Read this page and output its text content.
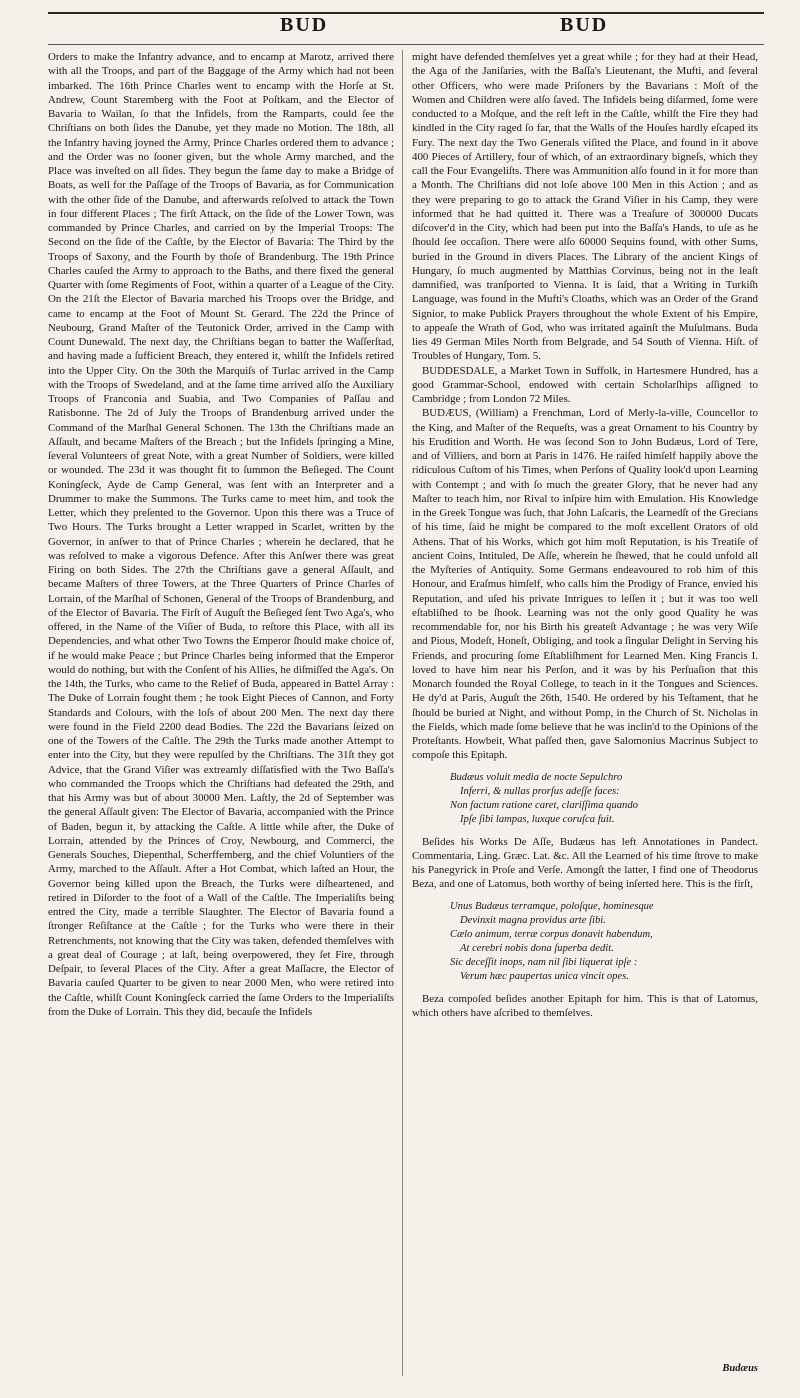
BUD	BUD

Orders to make the Infantry advance, and to encamp at Marotz, arrived there with all the Troops, and part of the Baggage of the Army which had not been imbarked. The 16th Prince Charles went to encamp with the Horſe at St. Andrew, Count Staremberg with the Foot at Poſtkam, and the Elector of Bavaria to Wailan, ſo that the Infidels, from the Ramparts, could ſee the Chriſtians on both ſides the Danube, yet they made no Motion. The 18th, all the Infantry having joyned the Army, Prince Charles ordered them to advance ; and the Order was no ſooner given, but the whole Army marched, and the Place was inveſted on all ſides. They begun the ſame day to make a Bridge of Boats, as well for the Paſſage of the Troops of Bavaria, as for Communication with the other ſide of the Danube, and afterwards reſolved to attack the Town in four different Places ; The firſt Attack, on the ſide of the Lower Town, was commanded by Prince Charles, and carried on by the Imperial Troops: The Second on the ſide of the Caſtle, by the Elector of Bavaria: The Third by the Troops of Saxony, and the Fourth by thoſe of Brandenburg. The 19th Prince Charles cauſed the Army to approach to the Baths, and there fixed the general Quarter with ſome Regiments of Foot, within a quarter of a League of the City. On the 21ſt the Elector of Bavaria marched his Troops over the Bridge, and came to encamp at the Foot of Mount St. Gerard. The 22d the Prince of Neubourg, Grand Maſter of the Teutonick Order, arrived in the Camp with Count Dunewald. The next day, the Chriſtians began to batter the Waſſerſtad, and having made a ſufficient Breach, they entered it, whilſt the Infidels retired into the Upper City. On the 30th the Marquiſs of Turlac arrived in the Camp with the Troops of Swedeland, and at the ſame time arrived alſo the Auxiliary Troops of Franconia and Suabia, and Two Companies of Paſſau and Ratisbonne. The 2d of July the Troops of Brandenburg arrived under the Command of the Marſhal General Schonen. The 13th the Chriſtians made an Aſſault, and became Maſters of the Breach ; but the Infidels ſpringing a Mine, ſeveral Volunteers of great Note, with a great Number of Soldiers, were killed or wounded. The 23d it was thought fit to ſummon the Beſieged. The Count Koningſeck, Ayde de Camp General, was ſent with an Interpreter and a Drummer to make the Summons. The Turks came to meet him, and took the Letter, which they preſented to the Governor. Upon this there was a Truce of Two Hours. The Turks brought a Letter wrapped in Scarlet, written by the Governor, in anſwer to that of Prince Charles ; wherein he declared, that he was reſolved to make a vigorous Defence. After this Anſwer there was great Firing on both Sides. The 27th the Chriſtians gave a general Aſſault, and became Maſters of three Towers, at the Three Quarters of Prince Charles of Lorrain, of the Marſhal of Schonen, General of the Troops of Brandenburg, and of the Elector of Bavaria. The Firſt of Auguſt the Beſieged ſent Two Aga's, who offered, in the Name of the Viſier of Buda, to reſtore this Place, with all its Dependencies, and what other Two Towns the Emperor ſhould make choice of, if he would make Peace ; but Prince Charles being informed that the Emperor would do nothing, but with the Conſent of his Allies, he diſmiſſed the Aga's. On the 14th, the Turks, who came to the Relief of Buda, appeared in Battel Array : The Duke of Lorrain fought them ; he took Eight Pieces of Cannon, and Forty Standards and Colours, with the loſs of about 200 Men. The next day there were found in the Field 2200 dead Bodies. The 22d the Bavarians ſeized on one of the Towers of the Caſtle. The 29th the Turks made another Attempt to enter into the City, but they were repulſed by the Chriſtians. The 31ſt they got Advice, that the Grand Viſier was extreamly diſſatisfied with the Two Baſſa's who commanded the Troops which the Chriſtians had defeated the 29th, and that his Army was but of about 30000 Men. Laſtly, the 2d of September was the general Aſſault given: The Elector of Bavaria, accompanied with the Prince of Baden, begun it, by attacking the Caſtle. A little while after, the Duke of Lorrain, attended by the Princes of Croy, Newbourg, and Commerci, the Generals Souches, Diepenthal, Scherffemberg, and the chief Voluntiers of the Army, marched to the Aſſault. After a Hot Combat, which laſted an Hour, the Governor being killed upon the Breach, the Turks were diſheartened, and retired in Diſorder to the foot of a Wall of the Caſtle. The Imperialiſts being entred the City, made a terrible Slaughter. The Elector of Bavaria found a ſtronger Reſiſtance at the Caſtle ; for the Turks who were there in their Retrenchments, not knowing that the City was taken, defended themſelves with a great deal of Courage ; at laſt, being overpowered, they ſet Fire, through Deſpair, to ſeveral Places of the City. After a great Maſſacre, the Elector of Bavaria cauſed Quarter to be given to near 2000 Men, who were retired into the Caſtle, whilſt Count Koningſeck carried the ſame Orders to the Imperialiſts from the Duke of Lorrain. This they did, becauſe the Infidels

might have defended themſelves yet a great while ; for they had at their Head, the Aga of the Janiſaries, with the Baſſa's Lieutenant, the Mufti, and ſeveral other Officers, who were made Priſoners by the Bavarians : Moſt of the Women and Children were alſo ſaved. The Infidels being diſarmed, ſome were conducted to a Moſque, and the reſt left in the Caſtle, whilſt the Fire they had kindled in the City raged ſo far, that the Walls of the Houſes hardly eſcaped its Fury. The next day the Two Generals viſited the Place, and found in it above 400 Pieces of Artillery, four of which, of an extraordinary bigneſs, which they call the Four Evangeliſts. There was Ammunition alſo found in it for more than a Month. The Chriſtians did not loſe above 100 Men in this Action ; and as they were preparing to go to attack the Grand Viſier in his Camp, they were informed that he had quitted it. There was a Treaſure of 300000 Ducats diſcover'd in the City, which had been put into the Baſſa's Hands, to uſe as he ſhould ſee occaſion. There were alſo 60000 Sequins found, with other Sums, buried in the Ground in divers Places. The Library of the ancient Kings of Hungary, ſo much augmented by Matthias Corvinus, being not in the leaſt damnified, was tranſported to Vienna. It is ſaid, that a Writing in Turkiſh Language, was found in the Mufti's Cloaths, which was an Order of the Grand Signior, to make Publick Prayers throughout the whole Extent of his Empire, to appeaſe the Wrath of God, who was irritated againſt the Muſulmans. Buda lies 49 German Miles North from Belgrade, and 54 South of Vienna. Hiſt. of Troubles of Hungary, Tom. 5.

BUDDESDALE, a Market Town in Suffolk, in Hartesmere Hundred, has a good Grammar-School, endowed with certain Scholarſhips aſſigned to Cambridge ; from London 72 Miles.

BUDÆUS, (William) a Frenchman, Lord of Merly-la-ville, Councellor to the King, and Maſter of the Requeſts, was a great Ornament to his Country by his Erudition and Worth. He was ſecond Son to John Budæus, Lord of Tere, and of Villiers, and born at Paris in 1476. He raiſed himſelf happily above the ridiculous Cuſtom of his Times, when Perſons of Quality look'd upon Learning with Contempt ; and with ſo much the greater Glory, that he never had any Maſter to teach him, nor Rival to inſpire him with Emulation. His Knowledge in the Greek Tongue was ſuch, that John Laſcaris, the Learnedſt of the Grecians of his time, ſaid he might be compared to the moſt excellent Orators of old Athens. That of his Works, which got him moſt Reputation, is his Treatiſe of ancient Coins, Intituled, De Aſſe, wherein he ſhewed, that he could unfold all the Myſteries of Antiquity. Some Germans endeavoured to rob him of this Honour, and Eraſmus himſelf, who calls him the Prodigy of France, envied his Reputation, and uſed his private Intrigues to leſſen it ; but it was too well eſtabliſhed to be ſhook. Learning was not the only good Quality he was recommendable for, nor his Birth his greateſt Advantage ; he was very Wiſe and Pious, Modeſt, Honeſt, Obliging, and took a ſingular Delight in Serving his Friends, and procuring ſome Eſtabliſhment for Learned Men. King Francis I. loved to have him near his Perſon, and it was by his Perſuaſion that this Monarch founded the Royal College, to teach in it the Tongues and Sciences. He dy'd at Paris, Auguſt the 26th, 1540. He ordered by his Teſtament, that he ſhould be buried at Night, and without Pomp, in the Church of St. Nicholas in the Fields, which made ſome believe that he was inclin'd to the Opinions of the Proteſtants. Howbeit, What paſſed then, gave Salomonius Macrinus Subject to compoſe this Epitaph.

Budæus voluit media de nocte Sepulchro
Inferri, & nullas prorſus adeſſe faces:
Non factum ratione caret, clariſſima quando
Ipſe ſibi lampas, luxque coruſca fuit.

Beſides his Works De Aſſe, Budæus has left Annotationes in Pandect. Commentaria, Ling. Græc. Lat. &c. All the Learned of his time ſtrove to make his Panegyrick in Proſe and Verſe. Amongſt the latter, I find one of Theodorus Beza, and one of Latomus, both worthy of being inſerted here. This is the firſt,

Unus Budæus terramque, poloſque, hominesque
Devinxit magna providus arte ſibi.
Cælo animum, terræ corpus donavit habendum,
At cerebri nobis dona ſuperba dedit.
Sic deceſſit inops, nam nil ſibi liquerat ipſe :
Verum hæc paupertas unica vincit opes.

Beza compoſed beſides another Epitaph for him. This is that of Latomus, which others have aſcribed to themſelves.

Budæus
